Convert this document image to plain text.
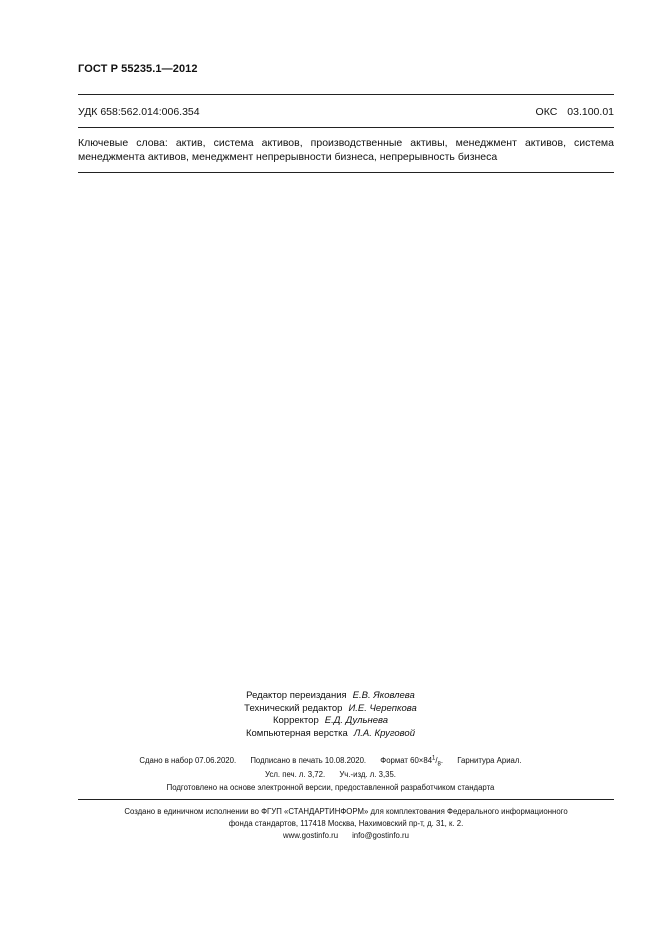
ГОСТ Р 55235.1—2012
УДК 658:562.014:006.354	ОКС 03.100.01
Ключевые слова: актив, система активов, производственные активы, менеджмент активов, система менеджмента активов, менеджмент непрерывности бизнеса, непрерывность бизнеса
Редактор переиздания Е.В. Яковлева
Технический редактор И.Е. Черепкова
Корректор Е.Д. Дульнева
Компьютерная верстка Л.А. Круговой
Сдано в набор 07.06.2020. Подписано в печать 10.08.2020. Формат $60\times 84^1/_8$. Гарнитура Ариал.
Усл. печ. л. 3,72. Уч.-изд. л. 3,35.
Подготовлено на основе электронной версии, предоставленной разработчиком стандарта
Создано в единичном исполнении во ФГУП «СТАНДАРТИНФОРМ» для комплектования Федерального информационного
фонда стандартов, 117418 Москва, Нахимовский пр-т, д. 31, к. 2.
www.gostinfo.ru info@gostinfo.ru
